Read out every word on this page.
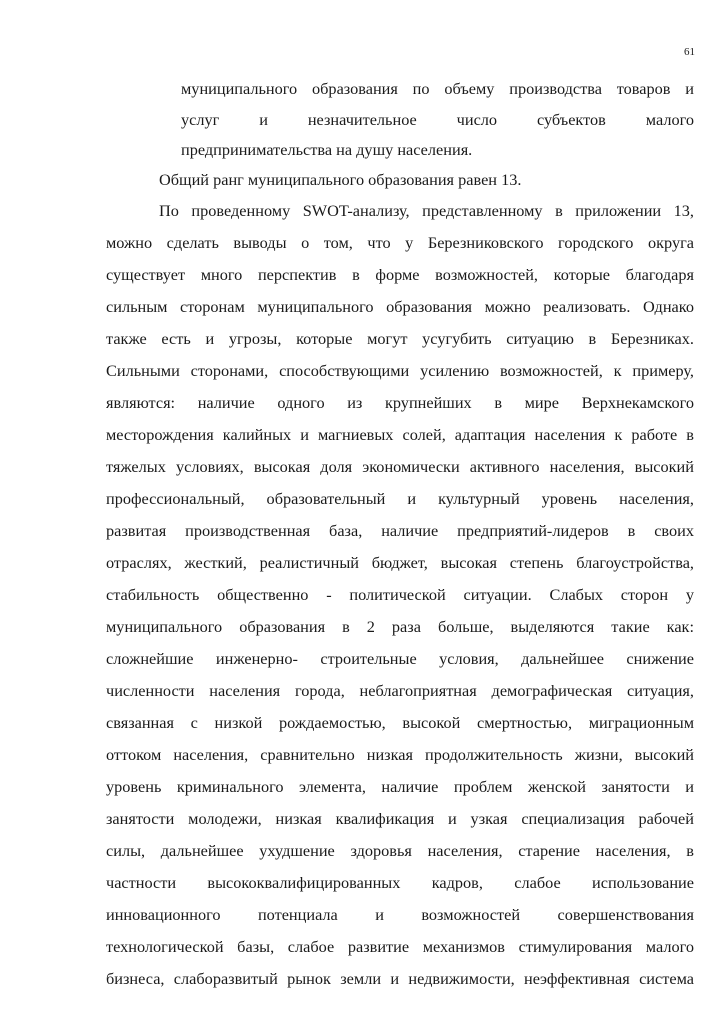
61
муниципального образования по объему производства товаров и
услуг и незначительное число субъектов малого
предпринимательства на душу населения.
Общий ранг муниципального образования равен 13.
По проведенному SWOT-анализу, представленному в приложении 13,
можно сделать выводы о том, что у Березниковского городского округа
существует много перспектив в форме возможностей, которые благодаря
сильным сторонам муниципального образования можно реализовать. Однако
также есть и угрозы, которые могут усугубить ситуацию в Березниках.
Сильными сторонами, способствующими усилению возможностей, к примеру,
являются: наличие одного из крупнейших в мире Верхнекамского
месторождения калийных и магниевых солей, адаптация населения к работе в
тяжелых условиях, высокая доля экономически активного населения, высокий
профессиональный, образовательный и культурный уровень населения,
развитая производственная база, наличие предприятий-лидеров в своих
отраслях, жесткий, реалистичный бюджет, высокая степень благоустройства,
стабильность общественно - политической ситуации. Слабых сторон у
муниципального образования в 2 раза больше, выделяются такие как:
сложнейшие инженерно- строительные условия, дальнейшее снижение
численности населения города, неблагоприятная демографическая ситуация,
связанная с низкой рождаемостью, высокой смертностью, миграционным
оттоком населения, сравнительно низкая продолжительность жизни, высокий
уровень криминального элемента, наличие проблем женской занятости и
занятости молодежи, низкая квалификация и узкая специализация рабочей
силы, дальнейшее ухудшение здоровья населения, старение населения, в
частности высококвалифицированных кадров, слабое использование
инновационного потенциала и возможностей совершенствования
технологической базы, слабое развитие механизмов стимулирования малого
бизнеса, слаборазвитый рынок земли и недвижимости, неэффективная система
